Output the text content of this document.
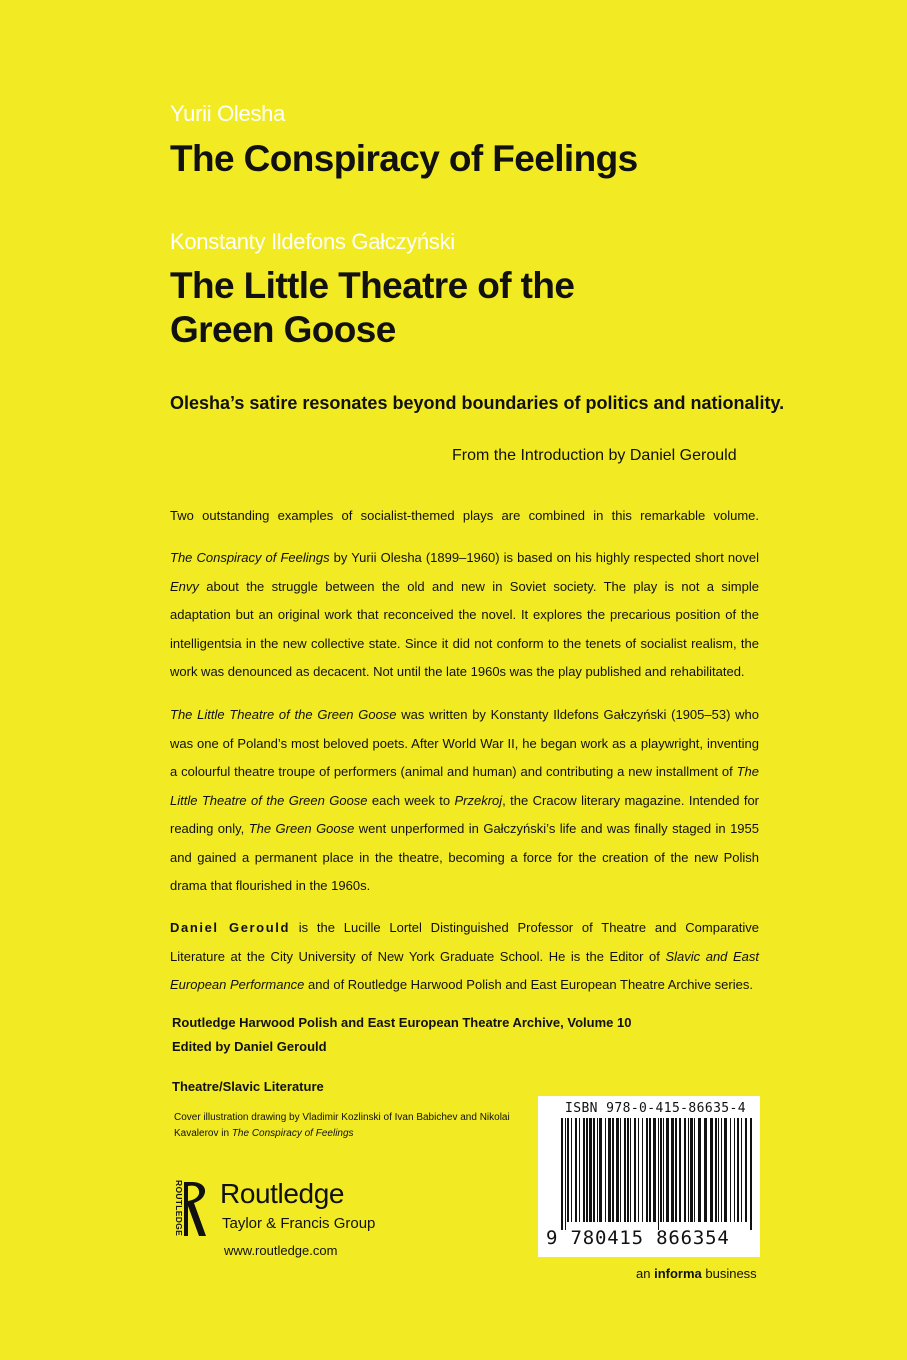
Yurii Olesha
The Conspiracy of Feelings
Konstanty Ildefons Gałczyński
The Little Theatre of the
Green Goose
Olesha’s satire resonates beyond boundaries of politics and nationality.
From the Introduction by Daniel Gerould

Two outstanding examples of socialist-themed plays are combined in this remarkable volume.

The Conspiracy of Feelings by Yurii Olesha (1899–1960) is based on his highly respected short novel Envy about the struggle between the old and new in Soviet society. The play is not a simple adaptation but an original work that reconceived the novel. It explores the precarious position of the intelligentsia in the new collective state. Since it did not conform to the tenets of socialist realism, the work was denounced as decacent. Not until the late 1960s was the play published and rehabilitated.

The Little Theatre of the Green Goose was written by Konstanty Ildefons Gałczyński (1905–53) who was one of Poland’s most beloved poets. After World War II, he began work as a playwright, inventing a colourful theatre troupe of performers (animal and human) and contributing a new installment of The Little Theatre of the Green Goose each week to Przekroj, the Cracow literary magazine. Intended for reading only, The Green Goose went unperformed in Gałczyński’s life and was finally staged in 1955 and gained a permanent place in the theatre, becoming a force for the creation of the new Polish drama that flourished in the 1960s.

Daniel Gerould is the Lucille Lortel Distinguished Professor of Theatre and Comparative Literature at the City University of New York Graduate School. He is the Editor of Slavic and East European Performance and of Routledge Harwood Polish and East European Theatre Archive series.

Routledge Harwood Polish and East European Theatre Archive, Volume 10
Edited by Daniel Gerould
Theatre/Slavic Literature
Cover illustration drawing by Vladimir Kozlinski of Ivan Babichev and Nikolai Kavalerov in The Conspiracy of Feelings
ROUTLEDGE Routledge
Taylor & Francis Group
www.routledge.com
ISBN 978-0-415-86635-4
9 780415 866354
an informa business
